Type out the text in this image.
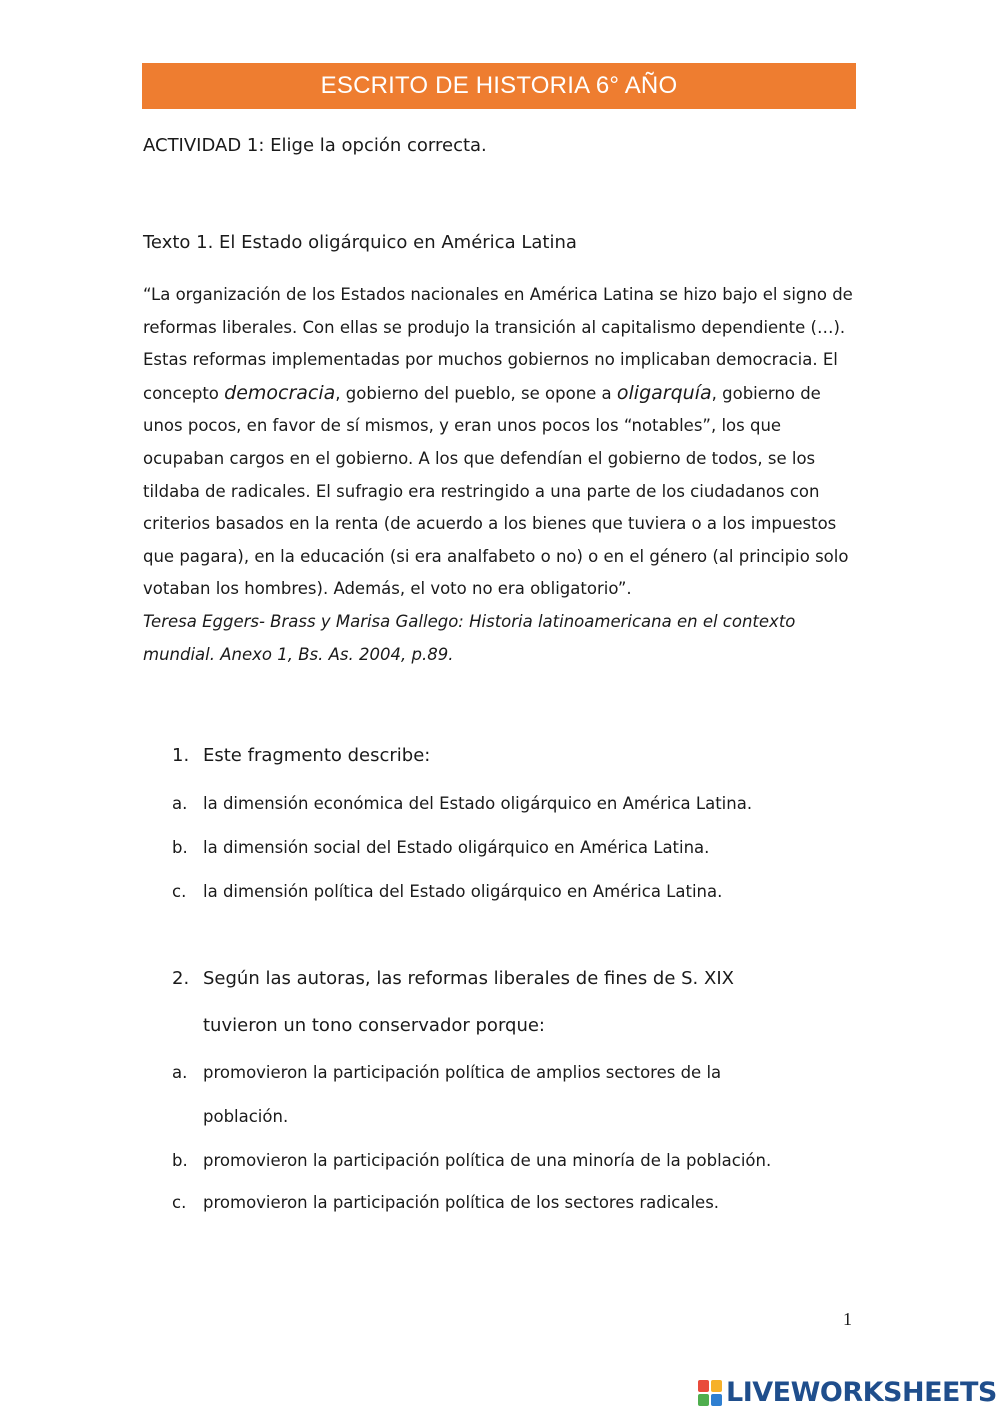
ESCRITO DE HISTORIA 6° AÑO
ACTIVIDAD 1: Elige la opción correcta.
Texto 1. El Estado oligárquico en América Latina

“La organización de los Estados nacionales en América Latina se hizo bajo el signo de reformas liberales. Con ellas se produjo la transición al capitalismo dependiente (…). Estas reformas implementadas por muchos gobiernos no implicaban democracia. El concepto democracia, gobierno del pueblo, se opone a oligarquía, gobierno de unos pocos, en favor de sí mismos, y eran unos pocos los “notables”, los que ocupaban cargos en el gobierno. A los que defendían el gobierno de todos, se los tildaba de radicales. El sufragio era restringido a una parte de los ciudadanos con criterios basados en la renta (de acuerdo a los bienes que tuviera o a los impuestos que pagara), en la educación (si era analfabeto o no) o en el género (al principio solo votaban los hombres). Además, el voto no era obligatorio”.

Teresa Eggers- Brass y Marisa Gallego: Historia latinoamericana en el contexto mundial. Anexo 1, Bs. As. 2004, p.89.

1. Este fragmento describe:
a. la dimensión económica del Estado oligárquico en América Latina.
b. la dimensión social del Estado oligárquico en América Latina.
c. la dimensión política del Estado oligárquico en América Latina.
2. Según las autoras, las reformas liberales de fines de S. XIX
tuvieron un tono conservador porque:
a. promovieron la participación política de amplios sectores de la
población.
b. promovieron la participación política de una minoría de la población.
c. promovieron la participación política de los sectores radicales.
1
LIVEWORKSHEETS
